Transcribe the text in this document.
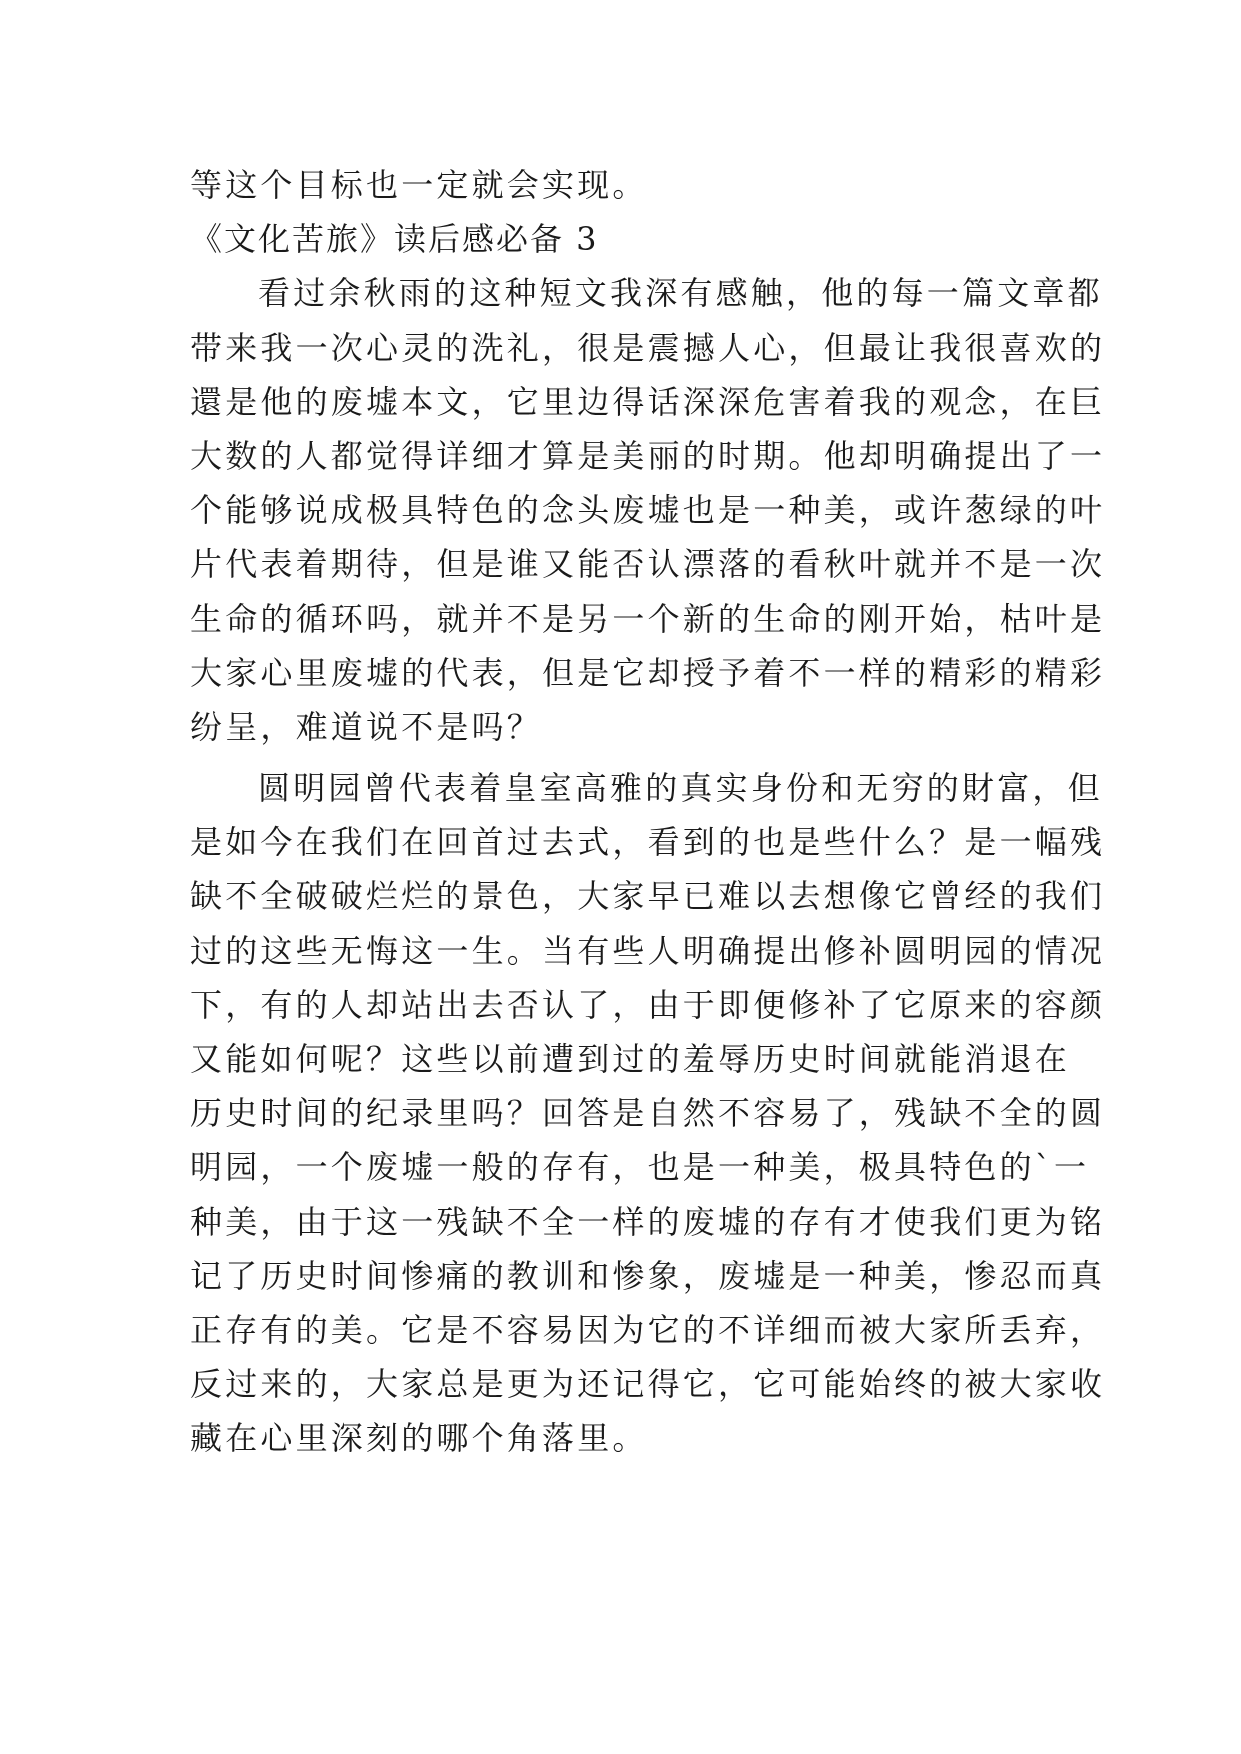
等这个目标也一定就会实现。
《文化苦旅》读后感必备 3
看过余秋雨的这种短文我深有感触，他的每一篇文章都
带来我一次心灵的洗礼，很是震撼人心，但最让我很喜欢的
還是他的废墟本文，它里边得话深深危害着我的观念，在巨
大数的人都觉得详细才算是美丽的时期。他却明确提出了一
个能够说成极具特色的念头废墟也是一种美，或许葱绿的叶
片代表着期待，但是谁又能否认漂落的看秋叶就并不是一次
生命的循环吗，就并不是另一个新的生命的刚开始，枯叶是
大家心里废墟的代表，但是它却授予着不一样的精彩的精彩
纷呈，难道说不是吗？
圆明园曾代表着皇室高雅的真实身份和无穷的財富，但
是如今在我们在回首过去式，看到的也是些什么？是一幅残
缺不全破破烂烂的景色，大家早已难以去想像它曾经的我们
过的这些无悔这一生。当有些人明确提出修补圆明园的情况
下，有的人却站出去否认了，由于即便修补了它原来的容颜
又能如何呢？这些以前遭到过的羞辱历史时间就能消退在
历史时间的纪录里吗？回答是自然不容易了，残缺不全的圆
明园，一个废墟一般的存有，也是一种美，极具特色的`一
种美，由于这一残缺不全一样的废墟的存有才使我们更为铭
记了历史时间惨痛的教训和惨象，废墟是一种美，惨忍而真
正存有的美。它是不容易因为它的不详细而被大家所丢弃，
反过来的，大家总是更为还记得它，它可能始终的被大家收
藏在心里深刻的哪个角落里。
